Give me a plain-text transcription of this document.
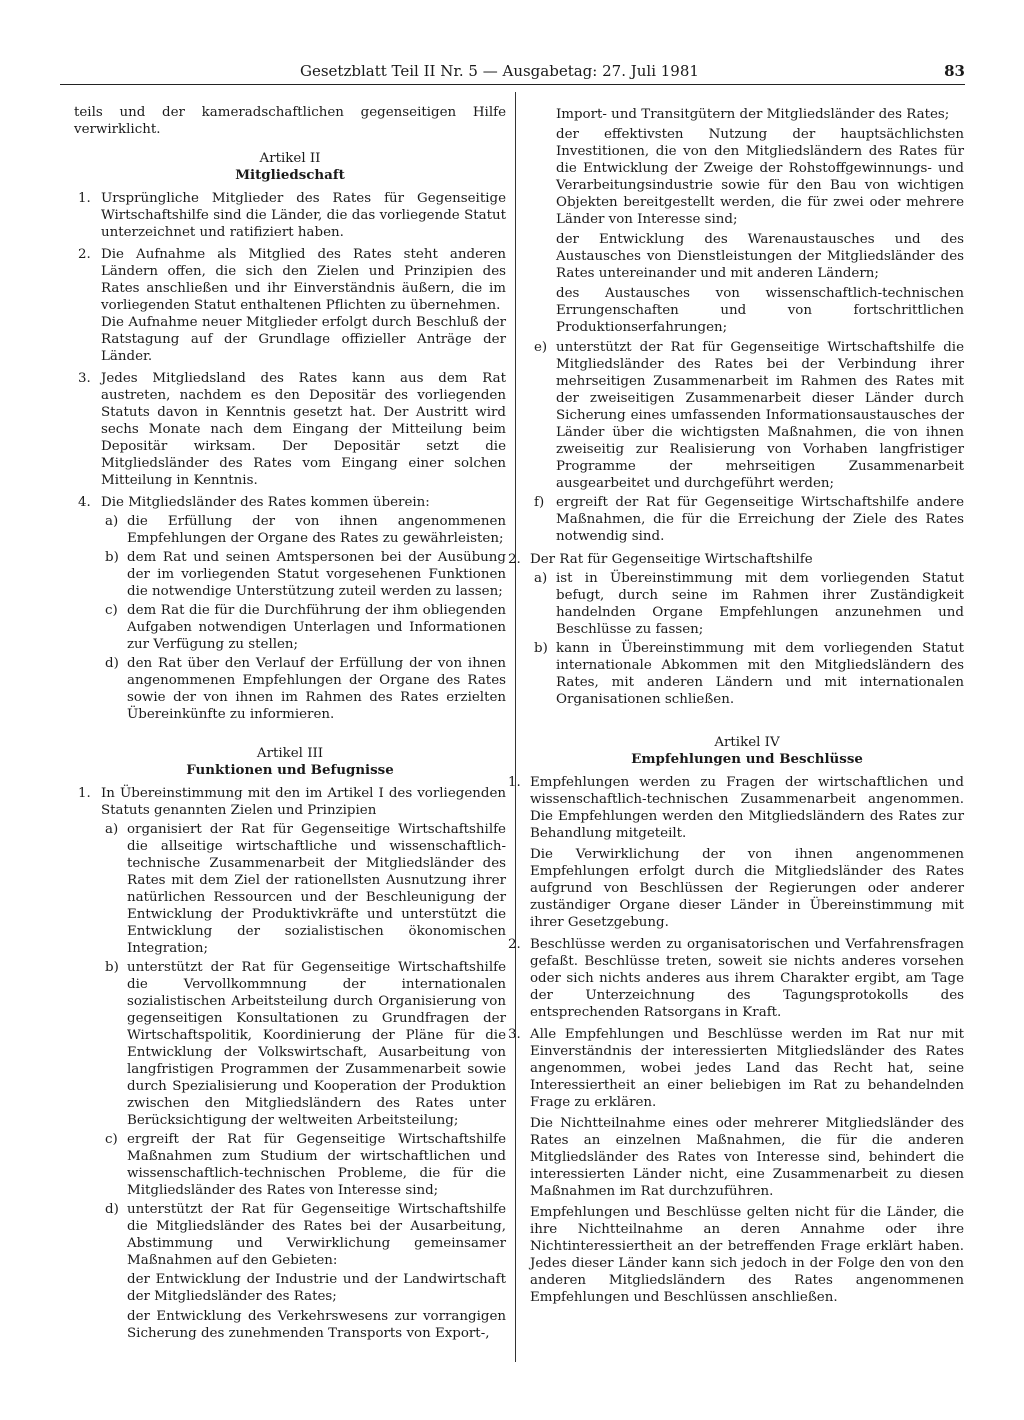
Gesetzblatt Teil II Nr. 5 — Ausgabetag: 27. Juli 1981	83

teils und der kameradschaftlichen gegenseitigen Hilfe verwirklicht.

Artikel II

Mitgliedschaft

1. Ursprüngliche Mitglieder des Rates für Gegenseitige Wirtschaftshilfe sind die Länder, die das vorliegende Statut unterzeichnet und ratifiziert haben.

2. Die Aufnahme als Mitglied des Rates steht anderen Ländern offen, die sich den Zielen und Prinzipien des Rates anschließen und ihr Einverständnis äußern, die im vorliegenden Statut enthaltenen Pflichten zu übernehmen.

Die Aufnahme neuer Mitglieder erfolgt durch Beschluß der Ratstagung auf der Grundlage offizieller Anträge der Länder.

3. Jedes Mitgliedsland des Rates kann aus dem Rat austreten, nachdem es den Depositär des vorliegenden Statuts davon in Kenntnis gesetzt hat. Der Austritt wird sechs Monate nach dem Eingang der Mitteilung beim Depositär wirksam. Der Depositär setzt die Mitgliedsländer des Rates vom Eingang einer solchen Mitteilung in Kenntnis.

4. Die Mitgliedsländer des Rates kommen überein:

a) die Erfüllung der von ihnen angenommenen Empfehlungen der Organe des Rates zu gewährleisten;

b) dem Rat und seinen Amtspersonen bei der Ausübung der im vorliegenden Statut vorgesehenen Funktionen die notwendige Unterstützung zuteil werden zu lassen;

c) dem Rat die für die Durchführung der ihm obliegenden Aufgaben notwendigen Unterlagen und Informationen zur Verfügung zu stellen;

d) den Rat über den Verlauf der Erfüllung der von ihnen angenommenen Empfehlungen der Organe des Rates sowie der von ihnen im Rahmen des Rates erzielten Übereinkünfte zu informieren.

Artikel III

Funktionen und Befugnisse

1. In Übereinstimmung mit den im Artikel I des vorliegenden Statuts genannten Zielen und Prinzipien

a) organisiert der Rat für Gegenseitige Wirtschaftshilfe die allseitige wirtschaftliche und wissenschaftlich-technische Zusammenarbeit der Mitgliedsländer des Rates mit dem Ziel der rationellsten Ausnutzung ihrer natürlichen Ressourcen und der Beschleunigung der Entwicklung der Produktivkräfte und unterstützt die Entwicklung der sozialistischen ökonomischen Integration;

b) unterstützt der Rat für Gegenseitige Wirtschaftshilfe die Vervollkommnung der internationalen sozialistischen Arbeitsteilung durch Organisierung von gegenseitigen Konsultationen zu Grundfragen der Wirtschaftspolitik, Koordinierung der Pläne für die Entwicklung der Volkswirtschaft, Ausarbeitung von langfristigen Programmen der Zusammenarbeit sowie durch Spezialisierung und Kooperation der Produktion zwischen den Mitgliedsländern des Rates unter Berücksichtigung der weltweiten Arbeitsteilung;

c) ergreift der Rat für Gegenseitige Wirtschaftshilfe Maßnahmen zum Studium der wirtschaftlichen und wissenschaftlich-technischen Probleme, die für die Mitgliedsländer des Rates von Interesse sind;

d) unterstützt der Rat für Gegenseitige Wirtschaftshilfe die Mitgliedsländer des Rates bei der Ausarbeitung, Abstimmung und Verwirklichung gemeinsamer Maßnahmen auf den Gebieten:

der Entwicklung der Industrie und der Landwirtschaft der Mitgliedsländer des Rates;

der Entwicklung des Verkehrswesens zur vorrangigen Sicherung des zunehmenden Transports von Export-,

Import- und Transitgütern der Mitgliedsländer des Rates;

der effektivsten Nutzung der hauptsächlichsten Investitionen, die von den Mitgliedsländern des Rates für die Entwicklung der Zweige der Rohstoffgewinnungs- und Verarbeitungsindustrie sowie für den Bau von wichtigen Objekten bereitgestellt werden, die für zwei oder mehrere Länder von Interesse sind;

der Entwicklung des Warenaustausches und des Austausches von Dienstleistungen der Mitgliedsländer des Rates untereinander und mit anderen Ländern;

des Austausches von wissenschaftlich-technischen Errungenschaften und von fortschrittlichen Produktionserfahrungen;

e) unterstützt der Rat für Gegenseitige Wirtschaftshilfe die Mitgliedsländer des Rates bei der Verbindung ihrer mehrseitigen Zusammenarbeit im Rahmen des Rates mit der zweiseitigen Zusammenarbeit dieser Länder durch Sicherung eines umfassenden Informationsaustausches der Länder über die wichtigsten Maßnahmen, die von ihnen zweiseitig zur Realisierung von Vorhaben langfristiger Programme der mehrseitigen Zusammenarbeit ausgearbeitet und durchgeführt werden;

f) ergreift der Rat für Gegenseitige Wirtschaftshilfe andere Maßnahmen, die für die Erreichung der Ziele des Rates notwendig sind.

2. Der Rat für Gegenseitige Wirtschaftshilfe

a) ist in Übereinstimmung mit dem vorliegenden Statut befugt, durch seine im Rahmen ihrer Zuständigkeit handelnden Organe Empfehlungen anzunehmen und Beschlüsse zu fassen;

b) kann in Übereinstimmung mit dem vorliegenden Statut internationale Abkommen mit den Mitgliedsländern des Rates, mit anderen Ländern und mit internationalen Organisationen schließen.

Artikel IV

Empfehlungen und Beschlüsse

1. Empfehlungen werden zu Fragen der wirtschaftlichen und wissenschaftlich-technischen Zusammenarbeit angenommen. Die Empfehlungen werden den Mitgliedsländern des Rates zur Behandlung mitgeteilt.

Die Verwirklichung der von ihnen angenommenen Empfehlungen erfolgt durch die Mitgliedsländer des Rates aufgrund von Beschlüssen der Regierungen oder anderer zuständiger Organe dieser Länder in Übereinstimmung mit ihrer Gesetzgebung.

2. Beschlüsse werden zu organisatorischen und Verfahrensfragen gefaßt. Beschlüsse treten, soweit sie nichts anderes vorsehen oder sich nichts anderes aus ihrem Charakter ergibt, am Tage der Unterzeichnung des Tagungsprotokolls des entsprechenden Ratsorgans in Kraft.

3. Alle Empfehlungen und Beschlüsse werden im Rat nur mit Einverständnis der interessierten Mitgliedsländer des Rates angenommen, wobei jedes Land das Recht hat, seine Interessiertheit an einer beliebigen im Rat zu behandelnden Frage zu erklären.

Die Nichtteilnahme eines oder mehrerer Mitgliedsländer des Rates an einzelnen Maßnahmen, die für die anderen Mitgliedsländer des Rates von Interesse sind, behindert die interessierten Länder nicht, eine Zusammenarbeit zu diesen Maßnahmen im Rat durchzuführen.

Empfehlungen und Beschlüsse gelten nicht für die Länder, die ihre Nichtteilnahme an deren Annahme oder ihre Nichtinteressiertheit an der betreffenden Frage erklärt haben. Jedes dieser Länder kann sich jedoch in der Folge den von den anderen Mitgliedsländern des Rates angenommenen Empfehlungen und Beschlüssen anschließen.
